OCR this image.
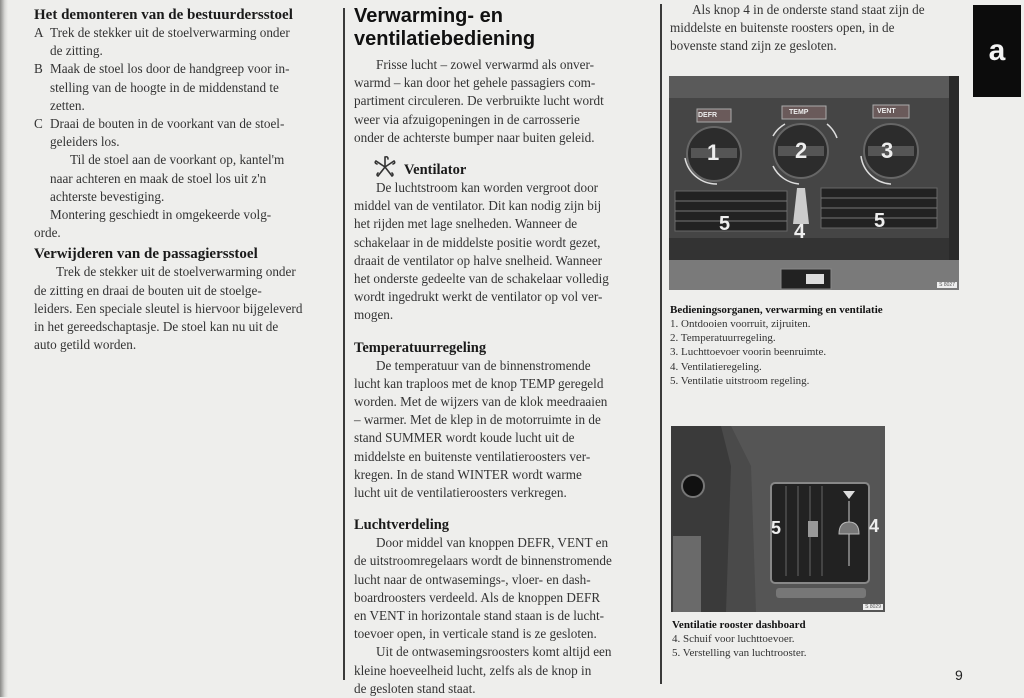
Het demonteren van de bestuurdersstoel
A Trek de stekker uit de stoelverwarming onder
de zitting.
B Maak de stoel los door de handgreep voor in-
stelling van de hoogte in de middenstand te
zetten.
C Draai de bouten in de voorkant van de stoel-
geleiders los.

Til de stoel aan de voorkant op, kantel'm
naar achteren en maak de stoel los uit z'n
achterste bevestiging.

Montering geschiedt in omgekeerde volg-
orde.

Verwijderen van de passagiersstoel

Trek de stekker uit de stoelverwarming onder
de zitting en draai de bouten uit de stoelge-
leiders. Een speciale sleutel is hiervoor bijgeleverd
in het gereedschaptasje. De stoel kan nu uit de
auto getild worden.

Verwarming- en
ventilatiebediening

Frisse lucht – zowel verwarmd als onver-
warmd – kan door het gehele passagiers com-
partiment circuleren. De verbruikte lucht wordt
weer via afzuigopeningen in de carrosserie
onder de achterste bumper naar buiten geleid.

Ventilator

De luchtstroom kan worden vergroot door
middel van de ventilator. Dit kan nodig zijn bij
het rijden met lage snelheden. Wanneer de
schakelaar in de middelste positie wordt gezet,
draait de ventilator op halve snelheid. Wanneer
het onderste gedeelte van de schakelaar volledig
wordt ingedrukt werkt de ventilator op vol ver-
mogen.

Temperatuurregeling

De temperatuur van de binnenstromende
lucht kan traploos met de knop TEMP geregeld
worden. Met de wijzers van de klok meedraaien
– warmer. Met de klep in de motorruimte in de
stand SUMMER wordt koude lucht uit de
middelste en buitenste ventilatieroosters ver-
kregen. In de stand WINTER wordt warme
lucht uit de ventilatieroosters verkregen.

Luchtverdeling

Door middel van knoppen DEFR, VENT en
de uitstroomregelaars wordt de binnenstromende
lucht naar de ontwasemings-, vloer- en dash-
boardroosters verdeeld. Als de knoppen DEFR
en VENT in horizontale stand staan is de lucht-
toevoer open, in verticale stand is ze gesloten.

Uit de ontwasemingsroosters komt altijd een
kleine hoeveelheid lucht, zelfs als de knop in
de gesloten stand staat.

Als knop 4 in de onderste stand staat zijn de
middelste en buitenste roosters open, in de
bovenste stand zijn ze gesloten.

DEFR	TEMP	VENT
1	2	3
4
5	5
S 8027
Bedieningsorganen, verwarming en ventilatie
1. Ontdooien voorruit, zijruiten.
2. Temperatuurregeling.
3. Luchttoevoer voorin beenruimte.
4. Ventilatieregeling.
5. Ventilatie uitstroom regeling.
5	4
S 8029
Ventilatie rooster dashboard
4. Schuif voor luchttoevoer.
5. Verstelling van luchtrooster.
a
9
